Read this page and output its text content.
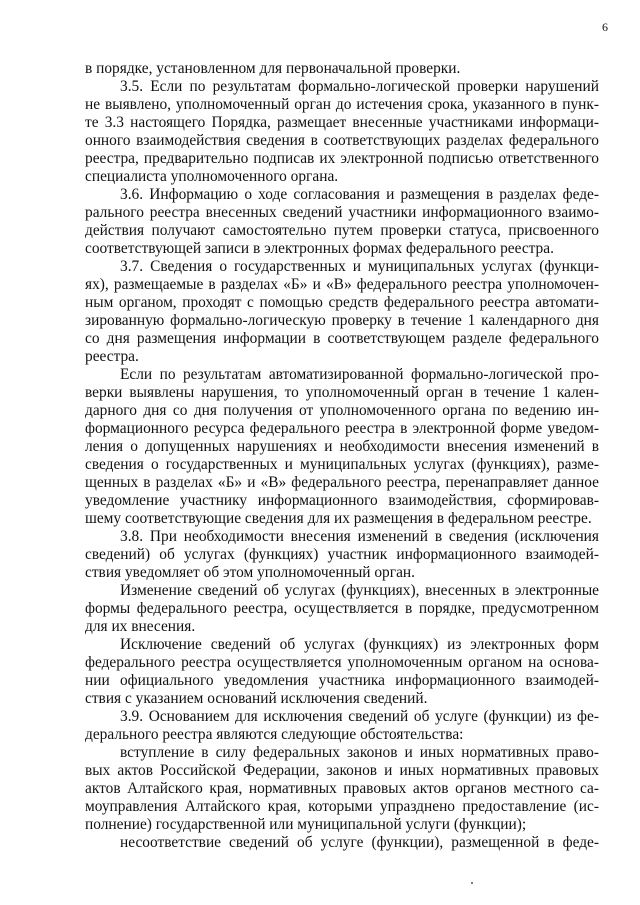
6
в порядке, установленном для первоначальной проверки.
3.5. Если по результатам формально-логической проверки нарушений
не выявлено, уполномоченный орган до истечения срока, указанного в пунк-
те 3.3 настоящего Порядка, размещает внесенные участниками информаци-
онного взаимодействия сведения в соответствующих разделах федерального
реестра, предварительно подписав их электронной подписью ответственного
специалиста уполномоченного органа.
3.6. Информацию о ходе согласования и размещения в разделах феде-
рального реестра внесенных сведений участники информационного взаимо-
действия получают самостоятельно путем проверки статуса, присвоенного
соответствующей записи в электронных формах федерального реестра.
3.7. Сведения о государственных и муниципальных услугах (функци-
ях), размещаемые в разделах «Б» и «В» федерального реестра уполномочен-
ным органом, проходят с помощью средств федерального реестра автомати-
зированную формально-логическую проверку в течение 1 календарного дня
со дня размещения информации в соответствующем разделе федерального
реестра.
Если по результатам автоматизированной формально-логической про-
верки выявлены нарушения, то уполномоченный орган в течение 1 кален-
дарного дня со дня получения от уполномоченного органа по ведению ин-
формационного ресурса федерального реестра в электронной форме уведом-
ления о допущенных нарушениях и необходимости внесения изменений в
сведения о государственных и муниципальных услугах (функциях), разме-
щенных в разделах «Б» и «В» федерального реестра, перенаправляет данное
уведомление участнику информационного взаимодействия, сформировав-
шему соответствующие сведения для их размещения в федеральном реестре.
3.8. При необходимости внесения изменений в сведения (исключения
сведений) об услугах (функциях) участник информационного взаимодей-
ствия уведомляет об этом уполномоченный орган.
Изменение сведений об услугах (функциях), внесенных в электронные
формы федерального реестра, осуществляется в порядке, предусмотренном
для их внесения.
Исключение сведений об услугах (функциях) из электронных форм
федерального реестра осуществляется уполномоченным органом на основа-
нии официального уведомления участника информационного взаимодей-
ствия с указанием оснований исключения сведений.
3.9. Основанием для исключения сведений об услуге (функции) из фе-
дерального реестра являются следующие обстоятельства:
вступление в силу федеральных законов и иных нормативных право-
вых актов Российской Федерации, законов и иных нормативных правовых
актов Алтайского края, нормативных правовых актов органов местного са-
моуправления Алтайского края, которыми упразднено предоставление (ис-
полнение) государственной или муниципальной услуги (функции);
несоответствие сведений об услуге (функции), размещенной в феде-
